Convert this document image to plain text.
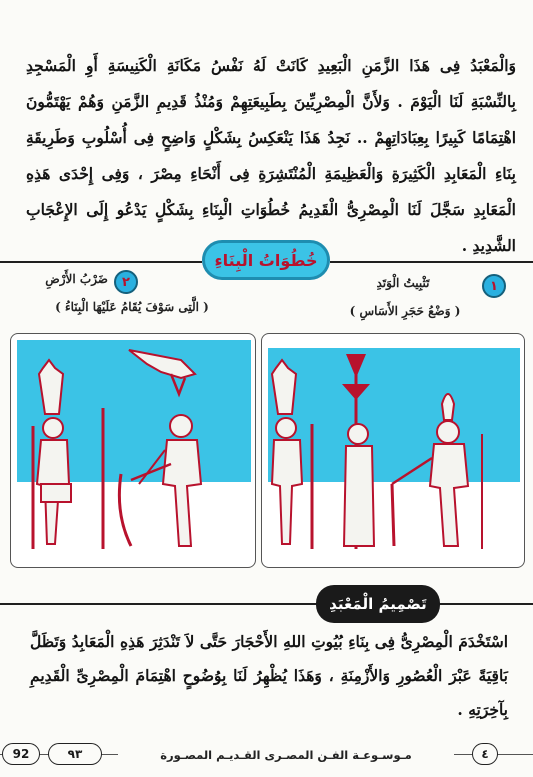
وَالْمَعْبَدُ فِى هَذَا الزَّمَنِ الْبَعِيدِ كَانَتْ لَهُ نَفْسُ مَكَانَةِ الْكَنِيسَةِ أَوِ الْمَسْجِدِ بِالنِّسْبَةِ لَنَا الْيَوْمَ . وَلأَنَّ الْمِصْرِيِّينَ بِطَبِيعَتِهِمْ وَمُنْذُ قَدِيمِ الزَّمَنِ وَهُمْ يَهْتَمُّونَ اهْتِمَامًا كَبِيرًا بِعِبَادَاتِهِمْ .. نَجِدُ هَذَا يَنْعَكِسُ بِشَكْلٍ وَاضِحٍ فِى أُسْلُوبِ وَطَرِيقَةِ بِنَاءِ الْمَعَابِدِ الْكَثِيرَةِ وَالْعَظِيمَةِ الْمُنْتَشِرَةِ فِى أَنْحَاءِ مِصْرَ ، وَفِى إِحْدَى هَذِهِ الْمَعَابِدِ سَجَّلَ لَنَا الْمِصْرِىُّ الْقَدِيمُ خُطُوَاتِ الْبِنَاءِ بِشَكْلٍ يَدْعُو إِلَى الإِعْجَابِ الشَّدِيدِ .
خُطُوَاتُ الْبِنَاءِ
٢
ضَرْبُ الأَرْضِ
( الَّتِى سَوْفَ يُقَامُ عَلَيْهَا الْبِنَاءُ )
١
تَثْبِيتُ الْوَتَدِ
( وَضْعُ حَجَرِ الأَسَاسِ )
تَصْمِيمُ الْمَعْبَدِ
اسْتَخْدَمَ الْمِصْرِىُّ فِى بِنَاءِ بُيُوتِ اللهِ الأَحْجَارَ حَتَّى لاَ تَنْدَثِرَ هَذِهِ الْمَعَابِدُ وَتَظَلَّ بَاقِيَةً عَبْرَ الْعُصُورِ وَالأَزْمِنَةِ ، وَهَذَا يُظْهِرُ لَنَا بِوُضُوحٍ اهْتِمَامَ الْمِصْرِىِّ الْقَدِيمِ بِآخِرَتِهِ .
92	٩٣	مـوسـوعـة الفـن المصـرى القـديـم المصـورة	٤
